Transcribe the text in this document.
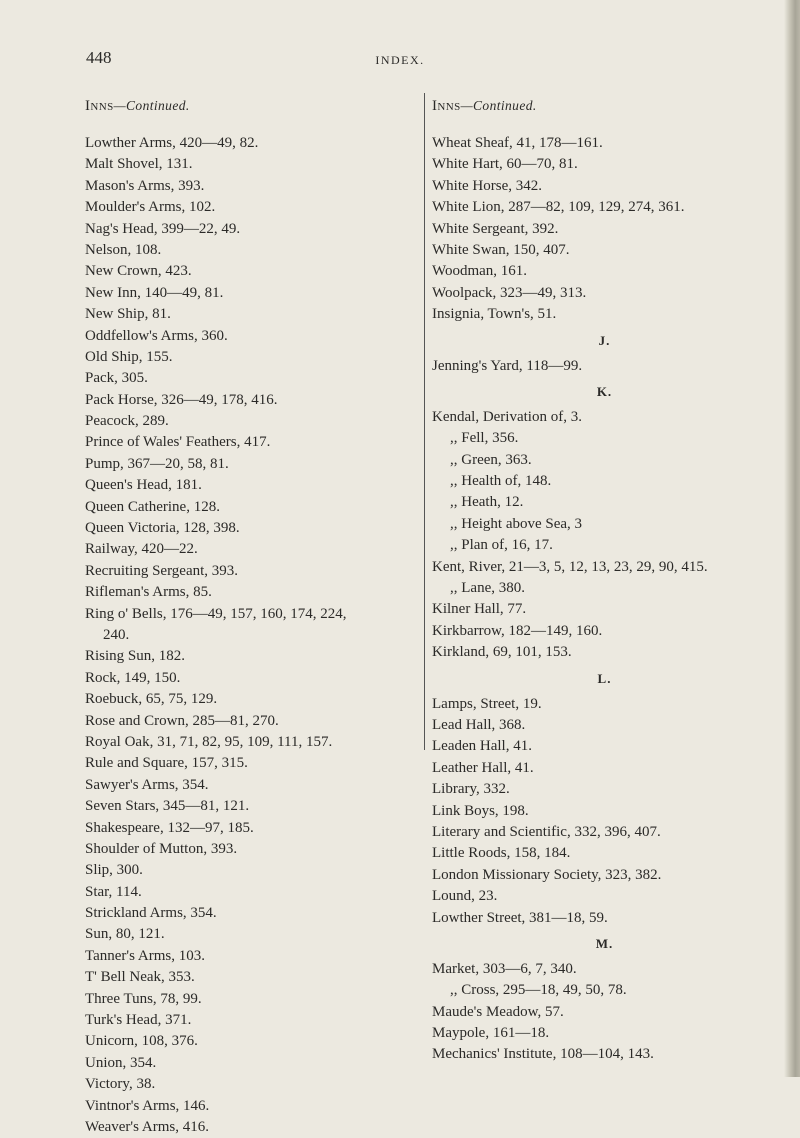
448	INDEX.
Inns—Continued.
Lowther Arms, 420—49, 82.
Malt Shovel, 131.
Mason's Arms, 393.
Moulder's Arms, 102.
Nag's Head, 399—22, 49.
Nelson, 108.
New Crown, 423.
New Inn, 140—49, 81.
New Ship, 81.
Oddfellow's Arms, 360.
Old Ship, 155.
Pack, 305.
Pack Horse, 326—49, 178, 416.
Peacock, 289.
Prince of Wales' Feathers, 417.
Pump, 367—20, 58, 81.
Queen's Head, 181.
Queen Catherine, 128.
Queen Victoria, 128, 398.
Railway, 420—22.
Recruiting Sergeant, 393.
Rifleman's Arms, 85.
Ring o' Bells, 176—49, 157, 160, 174, 224,
240.
Rising Sun, 182.
Rock, 149, 150.
Roebuck, 65, 75, 129.
Rose and Crown, 285—81, 270.
Royal Oak, 31, 71, 82, 95, 109, 111, 157.
Rule and Square, 157, 315.
Sawyer's Arms, 354.
Seven Stars, 345—81, 121.
Shakespeare, 132—97, 185.
Shoulder of Mutton, 393.
Slip, 300.
Star, 114.
Strickland Arms, 354.
Sun, 80, 121.
Tanner's Arms, 103.
T' Bell Neak, 353.
Three Tuns, 78, 99.
Turk's Head, 371.
Unicorn, 108, 376.
Union, 354.
Victory, 38.
Vintnor's Arms, 146.
Weaver's Arms, 416.
Inns—Continued.
Wheat Sheaf, 41, 178—161.
White Hart, 60—70, 81.
White Horse, 342.
White Lion, 287—82, 109, 129, 274, 361.
White Sergeant, 392.
White Swan, 150, 407.
Woodman, 161.
Woolpack, 323—49, 313.
Insignia, Town's, 51.
J.
Jenning's Yard, 118—99.
K.
Kendal, Derivation of, 3.
,, Fell, 356.
,, Green, 363.
,, Health of, 148.
,, Heath, 12.
,, Height above Sea, 3
,, Plan of, 16, 17.
Kent, River, 21—3, 5, 12, 13, 23, 29, 90, 415.
,, Lane, 380.
Kilner Hall, 77.
Kirkbarrow, 182—149, 160.
Kirkland, 69, 101, 153.
L.
Lamps, Street, 19.
Lead Hall, 368.
Leaden Hall, 41.
Leather Hall, 41.
Library, 332.
Link Boys, 198.
Literary and Scientific, 332, 396, 407.
Little Roods, 158, 184.
London Missionary Society, 323, 382.
Lound, 23.
Lowther Street, 381—18, 59.
M.
Market, 303—6, 7, 340.
,, Cross, 295—18, 49, 50, 78.
Maude's Meadow, 57.
Maypole, 161—18.
Mechanics' Institute, 108—104, 143.
